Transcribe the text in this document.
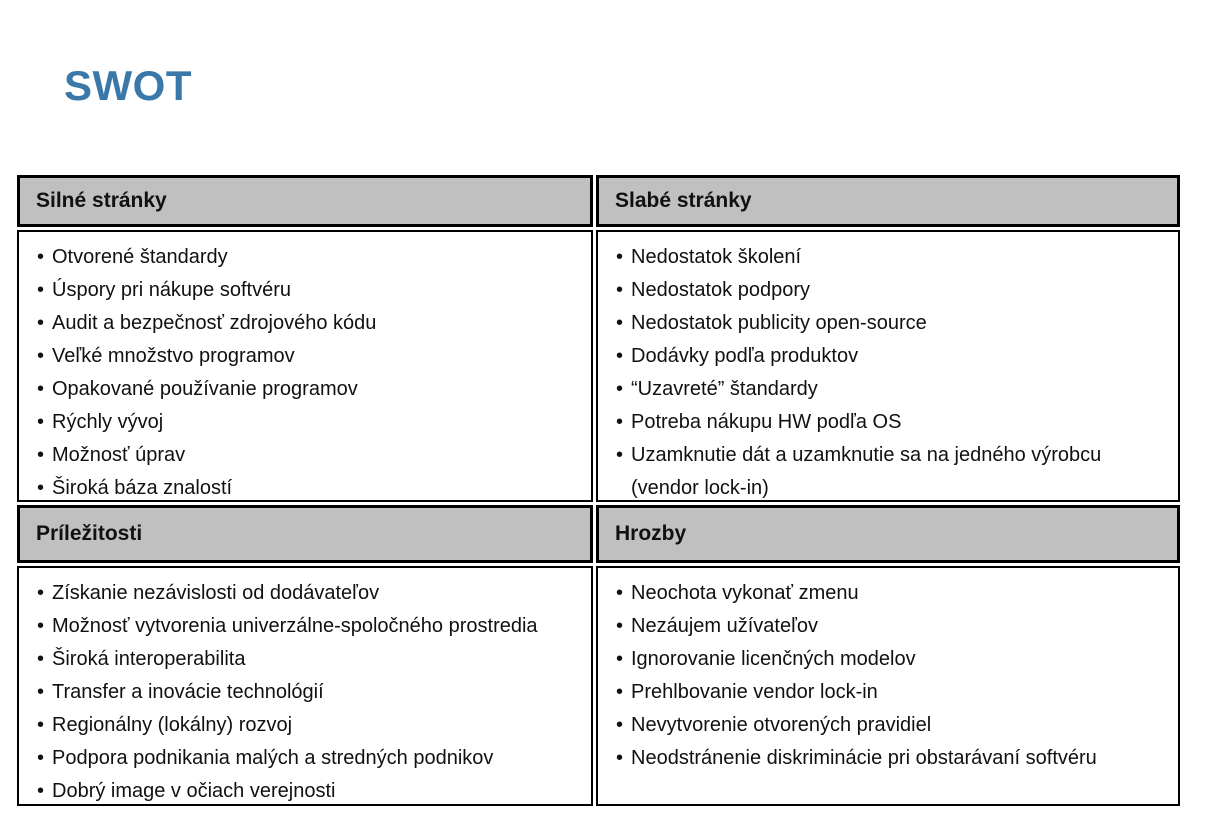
SWOT
Silné stránky	Slabé stránky
• Otvorené štandardy
• Úspory pri nákupe softvéru
• Audit a bezpečnosť zdrojového kódu
• Veľké množstvo programov
• Opakované používanie programov
• Rýchly vývoj
• Možnosť úprav
• Široká báza znalostí
• Nedostatok školení
• Nedostatok podpory
• Nedostatok publicity open-source
• Dodávky podľa produktov
• “Uzavreté” štandardy
• Potreba nákupu HW podľa OS
• Uzamknutie dát a uzamknutie sa na jedného výrobcu (vendor lock-in)
Príležitosti	Hrozby
• Získanie nezávislosti od dodávateľov
• Možnosť vytvorenia univerzálne-spoločného prostredia
• Široká interoperabilita
• Transfer a inovácie technológií
• Regionálny (lokálny) rozvoj
• Podpora podnikania malých a stredných podnikov
• Dobrý image v očiach verejnosti
• Neochota vykonať zmenu
• Nezáujem užívateľov
• Ignorovanie licenčných modelov
• Prehlbovanie vendor lock-in
• Nevytvorenie otvorených pravidiel
• Neodstránenie diskriminácie pri obstarávaní softvéru
